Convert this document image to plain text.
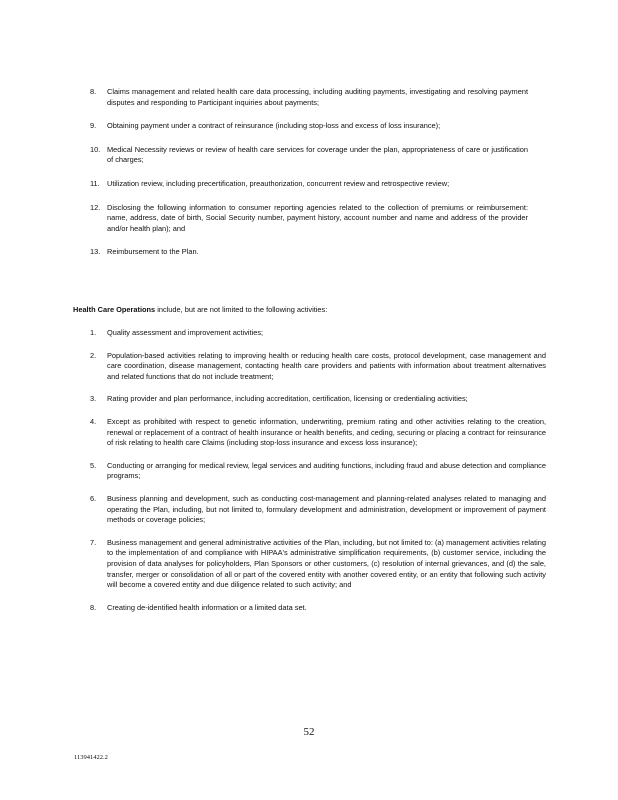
8.	Claims management and related health care data processing, including auditing payments, investigating and resolving payment disputes and responding to Participant inquiries about payments;
9.	Obtaining payment under a contract of reinsurance (including stop-loss and excess of loss insurance);
10. Medical Necessity reviews or review of health care services for coverage under the plan, appropriateness of care or justification of charges;
11. Utilization review, including precertification, preauthorization, concurrent review and retrospective review;
12. Disclosing the following information to consumer reporting agencies related to the collection of premiums or reimbursement: name, address, date of birth, Social Security number, payment history, account number and name and address of the provider and/or health plan); and
13. Reimbursement to the Plan.
Health Care Operations include, but are not limited to the following activities:
1.	Quality assessment and improvement activities;
2.	Population-based activities relating to improving health or reducing health care costs, protocol development, case management and care coordination, disease management, contacting health care providers and patients with information about treatment alternatives and related functions that do not include treatment;
3.	Rating provider and plan performance, including accreditation, certification, licensing or credentialing activities;
4.	Except as prohibited with respect to genetic information, underwriting, premium rating and other activities relating to the creation, renewal or replacement of a contract of health insurance or health benefits, and ceding, securing or placing a contract for reinsurance of risk relating to health care Claims (including stop-loss insurance and excess loss insurance);
5.	Conducting or arranging for medical review, legal services and auditing functions, including fraud and abuse detection and compliance programs;
6.	Business planning and development, such as conducting cost-management and planning-related analyses related to managing and operating the Plan, including, but not limited to, formulary development and administration, development or improvement of payment methods or coverage policies;
7.	Business management and general administrative activities of the Plan, including, but not limited to: (a) management activities relating to the implementation of and compliance with HIPAA's administrative simplification requirements, (b) customer service, including the provision of data analyses for policyholders, Plan Sponsors or other customers, (c) resolution of internal grievances, and (d) the sale, transfer, merger or consolidation of all or part of the covered entity with another covered entity, or an entity that following such activity will become a covered entity and due diligence related to such activity; and
8.	Creating de-identified health information or a limited data set.
52
113941422.2
